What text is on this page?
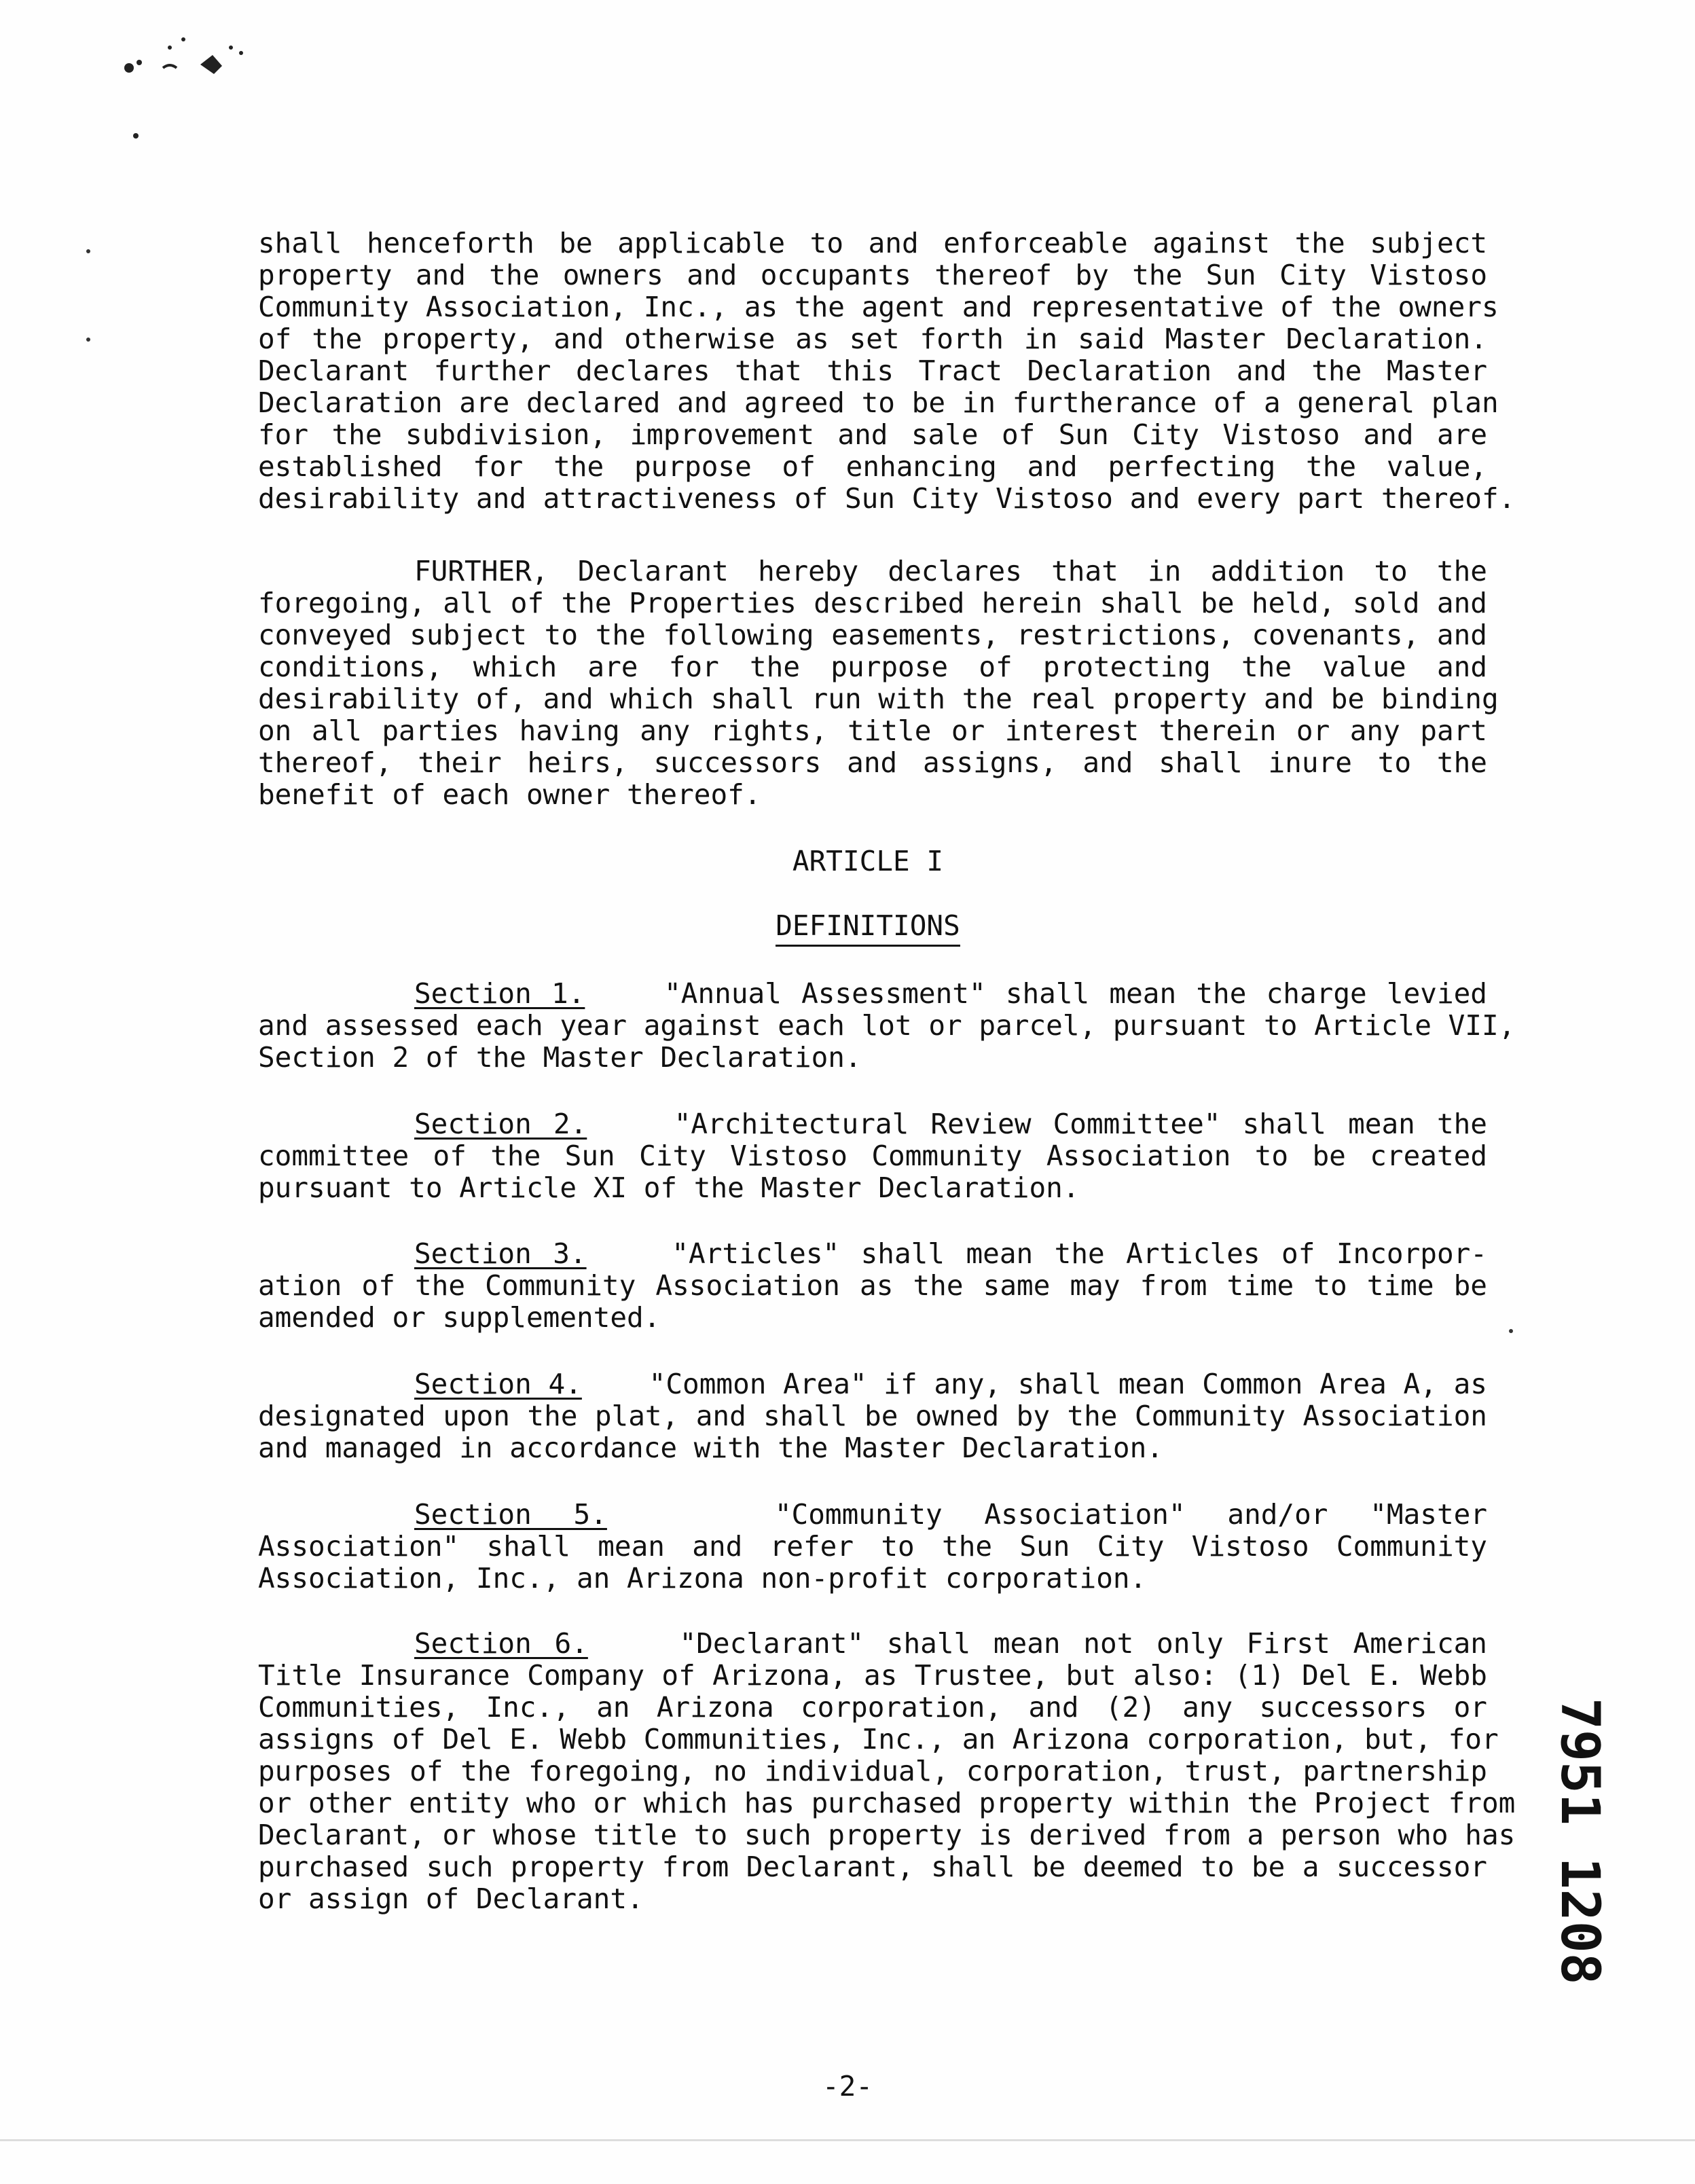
shall henceforth be applicable to and enforceable against the subject
property and the owners and occupants thereof by the Sun City Vistoso
Community Association, Inc., as the agent and representative of the owners
of the property, and otherwise as set forth in said Master Declaration.
Declarant further declares that this Tract Declaration and the Master
Declaration are declared and agreed to be in furtherance of a general plan
for the subdivision, improvement and sale of Sun City Vistoso and are
established for the purpose of enhancing and perfecting the value,
desirability and attractiveness of Sun City Vistoso and every part thereof.
FURTHER, Declarant hereby declares that in addition to the
foregoing, all of the Properties described herein shall be held, sold and
conveyed subject to the following easements, restrictions, covenants, and
conditions, which are for the purpose of protecting the value and
desirability of, and which shall run with the real property and be binding
on all parties having any rights, title or interest therein or any part
thereof, their heirs, successors and assigns, and shall inure to the
benefit of each owner thereof.
ARTICLE I
DEFINITIONS
Section 1.	"Annual Assessment" shall mean the charge levied
and assessed each year against each lot or parcel, pursuant to Article VII,
Section 2 of the Master Declaration.
Section 2.	"Architectural Review Committee" shall mean the
committee of the Sun City Vistoso Community Association to be created
pursuant to Article XI of the Master Declaration.
Section 3.	"Articles" shall mean the Articles of Incorpor-
ation of the Community Association as the same may from time to time be
amended or supplemented.
Section 4. "Common Area" if any, shall mean Common Area A, as
designated upon the plat, and shall be owned by the Community Association
and managed in accordance with the Master Declaration.
Section 5.	"Community Association" and/or "Master
Association" shall mean and refer to the Sun City Vistoso Community
Association, Inc., an Arizona non-profit corporation.
Section 6.	"Declarant" shall mean not only First American
Title Insurance Company of Arizona, as Trustee, but also: (1) Del E. Webb
Communities, Inc., an Arizona corporation, and (2) any successors or
assigns of Del E. Webb Communities, Inc., an Arizona corporation, but, for
purposes of the foregoing, no individual, corporation, trust, partnership
or other entity who or which has purchased property within the Project from
Declarant, or whose title to such property is derived from a person who has
purchased such property from Declarant, shall be deemed to be a successor
or assign of Declarant.	7951 1208
-2-
